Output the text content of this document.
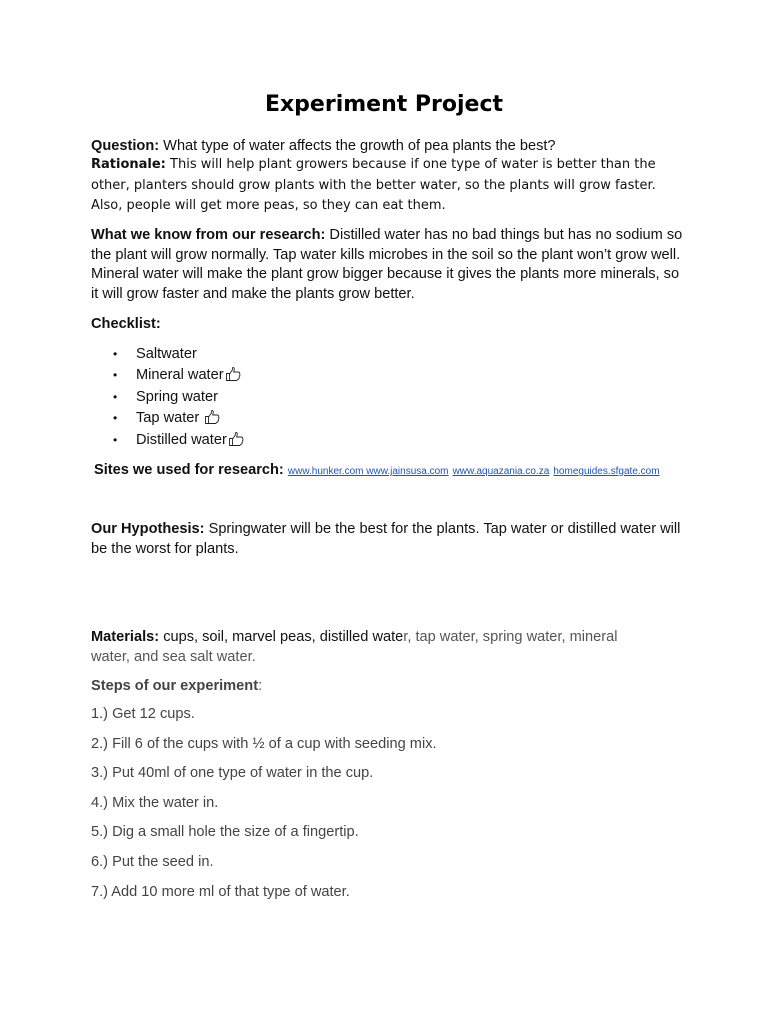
Experiment Project
Question: What type of water affects the growth of pea plants the best?
Rationale: This will help plant growers because if one type of water is better than the other, planters should grow plants with the better water, so the plants will grow faster. Also, people will get more peas, so they can eat them.
What we know from our research: Distilled water has no bad things but has no sodium so the plant will grow normally. Tap water kills microbes in the soil so the plant won’t grow well. Mineral water will make the plant grow bigger because it gives the plants more minerals, so it will grow faster and make the plants grow better.
Checklist:
• Saltwater
• Mineral water
• Spring water
• Tap water
• Distilled water
Sites we used for research: www.hunker.com www.jainsusa.com www.aquazania.co.za homeguides.sfgate.com
Our Hypothesis: Springwater will be the best for the plants. Tap water or distilled water will be the worst for plants.
Materials: cups, soil, marvel peas, distilled water, tap water, spring water, mineral water, and sea salt water.
Steps of our experiment:
1.) Get 12 cups.
2.) Fill 6 of the cups with ½ of a cup with seeding mix.
3.) Put 40ml of one type of water in the cup.
4.) Mix the water in.
5.) Dig a small hole the size of a fingertip.
6.) Put the seed in.
7.) Add 10 more ml of that type of water.
